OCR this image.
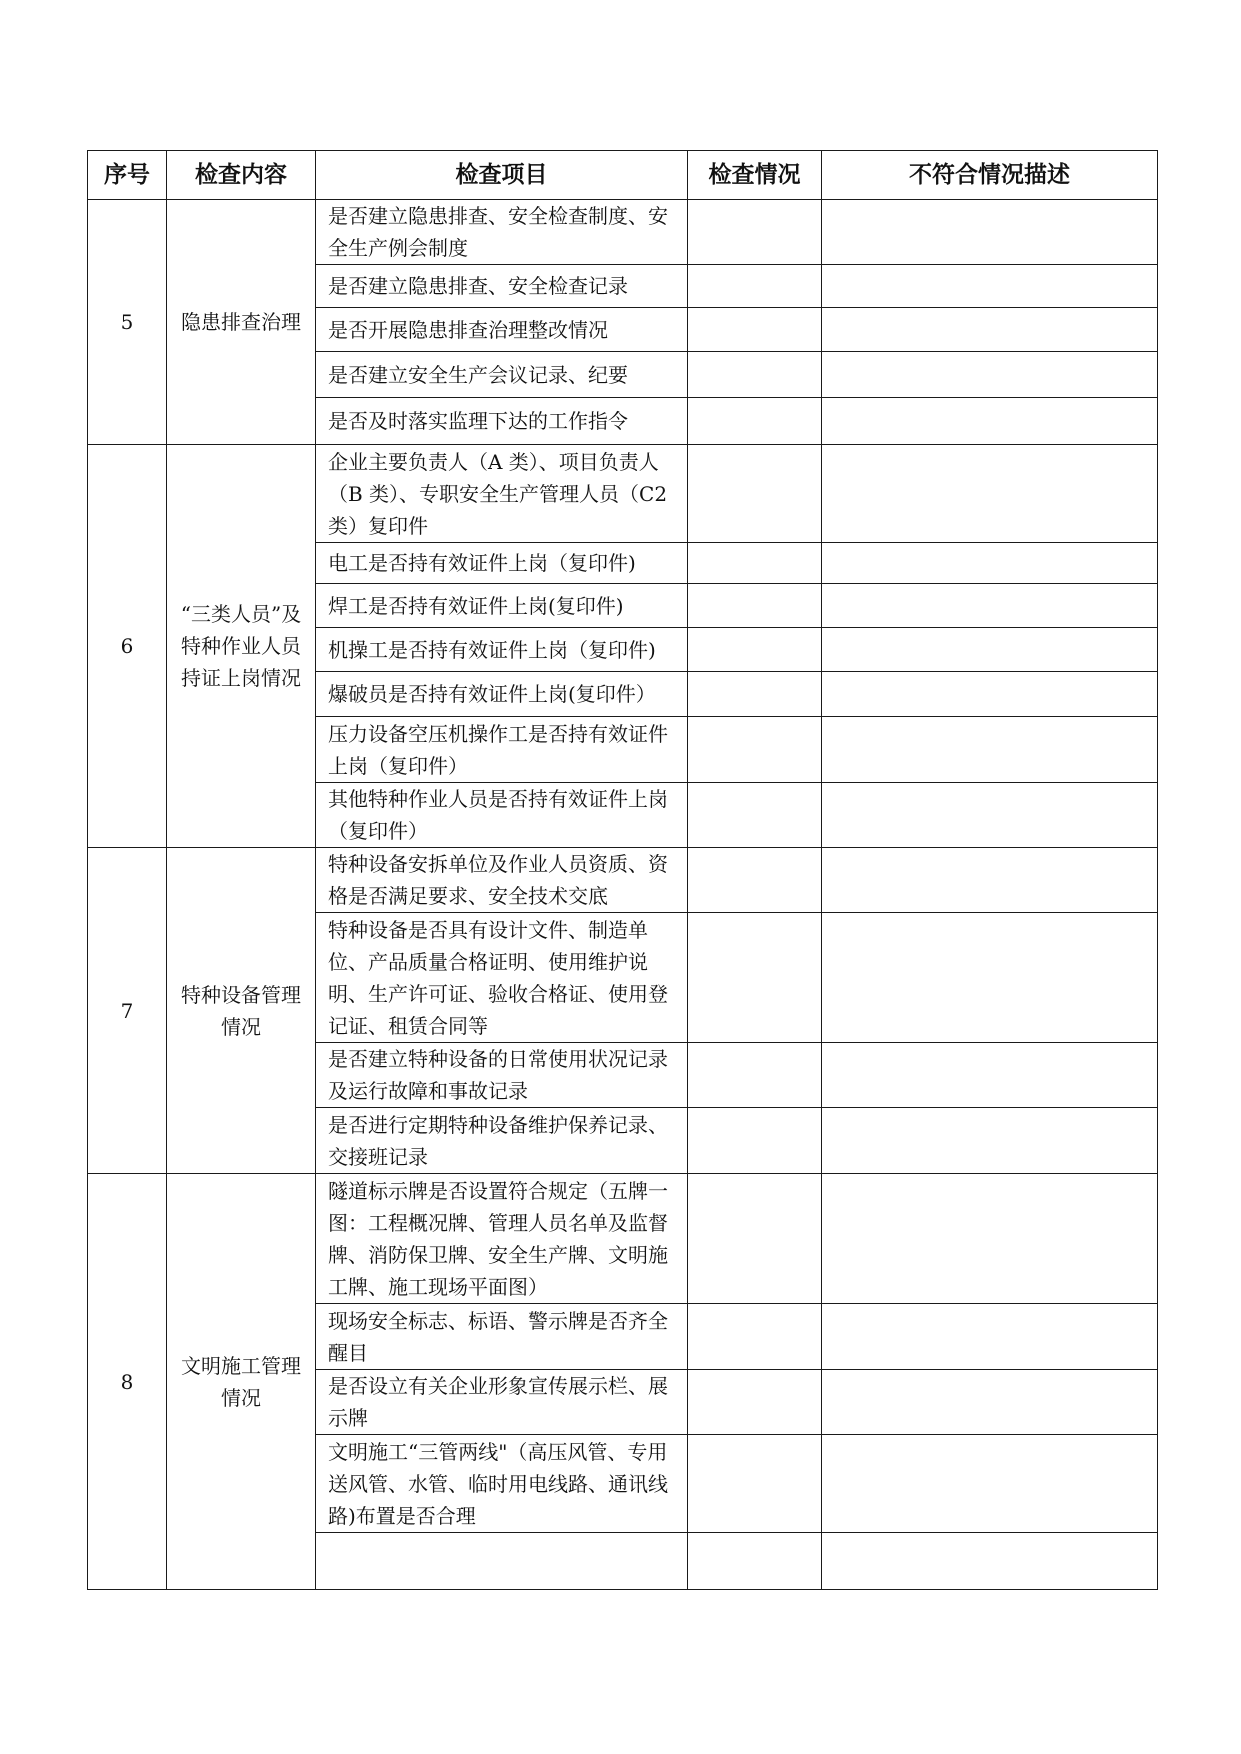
序号	检查内容	检查项目	检查情况	不符合情况描述
5	隐患排查治理	是否建立隐患排查、安全检查制度、安全生产例会制度		
		是否建立隐患排查、安全检查记录		
		是否开展隐患排查治理整改情况		
		是否建立安全生产会议记录、纪要		
		是否及时落实监理下达的工作指令		
6	“三类人员”及特种作业人员持证上岗情况	企业主要负责人（A 类）、项目负责人（B 类）、专职安全生产管理人员（C2 类）复印件		
		电工是否持有效证件上岗（复印件)		
		焊工是否持有效证件上岗(复印件)		
		机操工是否持有效证件上岗（复印件)		
		爆破员是否持有效证件上岗(复印件）		
		压力设备空压机操作工是否持有效证件上岗（复印件）		
		其他特种作业人员是否持有效证件上岗（复印件）		
7	特种设备管理情况	特种设备安拆单位及作业人员资质、资格是否满足要求、安全技术交底		
		特种设备是否具有设计文件、制造单位、产品质量合格证明、使用维护说明、生产许可证、验收合格证、使用登记证、租赁合同等		
		是否建立特种设备的日常使用状况记录及运行故障和事故记录		
		是否进行定期特种设备维护保养记录、交接班记录		
8	文明施工管理情况	隧道标示牌是否设置符合规定（五牌一图：工程概况牌、管理人员名单及监督　 牌、消防保卫牌、安全生产牌、文明施工牌、施工现场平面图）		
		现场安全标志、标语、警示牌是否齐全醒目		
		是否设立有关企业形象宣传展示栏、展示牌		
		文明施工“三管两线"（高压风管、专用送风管、水管、临时用电线路、通讯线路)布置是否合理		
